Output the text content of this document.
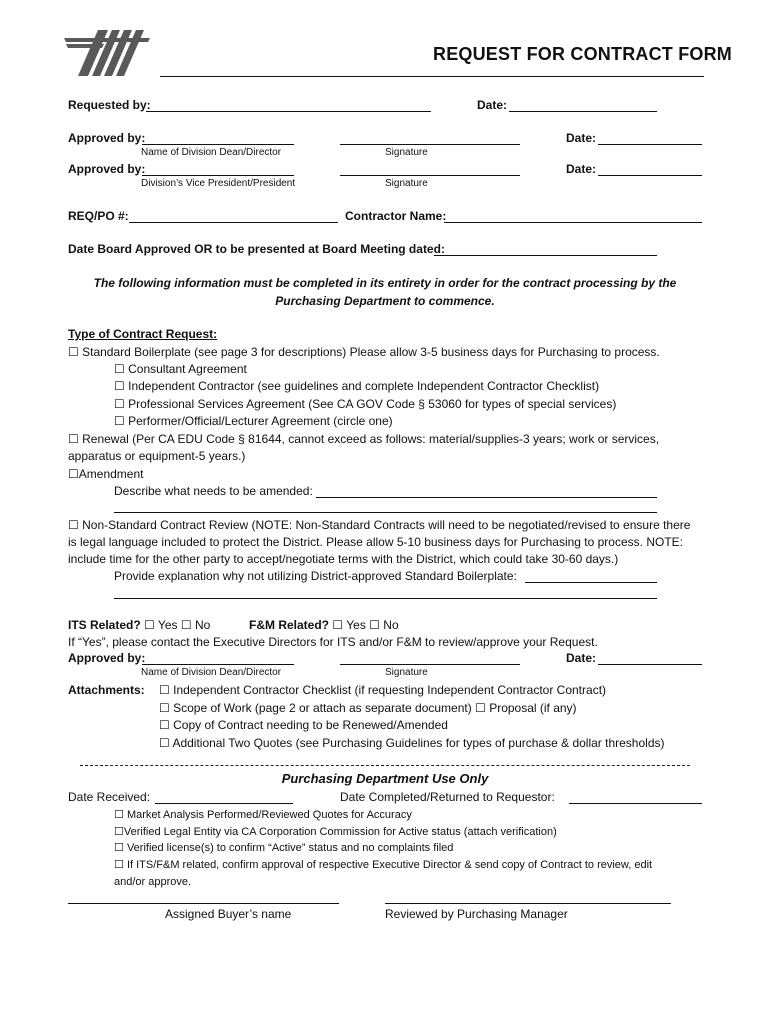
REQUEST FOR CONTRACT FORM
Requested by:	Date:
Approved by:	Date:
Name of Division Dean/Director	Signature
Approved by:	Date:
Division’s Vice President/President	Signature
REQ/PO #:	Contractor Name:
Date Board Approved OR to be presented at Board Meeting dated:
The following information must be completed in its entirety in order for the contract processing by the
Purchasing Department to commence.
Type of Contract Request:
☐ Standard Boilerplate (see page 3 for descriptions) Please allow 3-5 business days for Purchasing to process.
☐ Consultant Agreement
☐ Independent Contractor (see guidelines and complete Independent Contractor Checklist)
☐ Professional Services Agreement (See CA GOV Code § 53060 for types of special services)
☐ Performer/Official/Lecturer Agreement (circle one)
☐ Renewal (Per CA EDU Code § 81644, cannot exceed as follows: material/supplies-3 years; work or services,
apparatus or equipment-5 years.)
☐Amendment
Describe what needs to be amended:
☐ Non-Standard Contract Review (NOTE: Non-Standard Contracts will need to be negotiated/revised to ensure there
is legal language included to protect the District. Please allow 5-10 business days for Purchasing to process. NOTE:
include time for the other party to accept/negotiate terms with the District, which could take 30-60 days.)
Provide explanation why not utilizing District-approved Standard Boilerplate:
ITS Related? ☐ Yes ☐ No	F&M Related? ☐ Yes ☐ No
If “Yes”, please contact the Executive Directors for ITS and/or F&M to review/approve your Request.
Approved by:	Date:
Name of Division Dean/Director	Signature
Attachments: ☐ Independent Contractor Checklist (if requesting Independent Contractor Contract)
☐ Scope of Work (page 2 or attach as separate document) ☐ Proposal (if any)
☐ Copy of Contract needing to be Renewed/Amended
☐ Additional Two Quotes (see Purchasing Guidelines for types of purchase & dollar thresholds)
Purchasing Department Use Only
Date Received:	Date Completed/Returned to Requestor:
☐ Market Analysis Performed/Reviewed Quotes for Accuracy
☐Verified Legal Entity via CA Corporation Commission for Active status (attach verification)
☐ Verified license(s) to confirm “Active” status and no complaints filed
☐ If ITS/F&M related, confirm approval of respective Executive Director & send copy of Contract to review, edit
and/or approve.
Assigned Buyer’s name	Reviewed by Purchasing Manager
